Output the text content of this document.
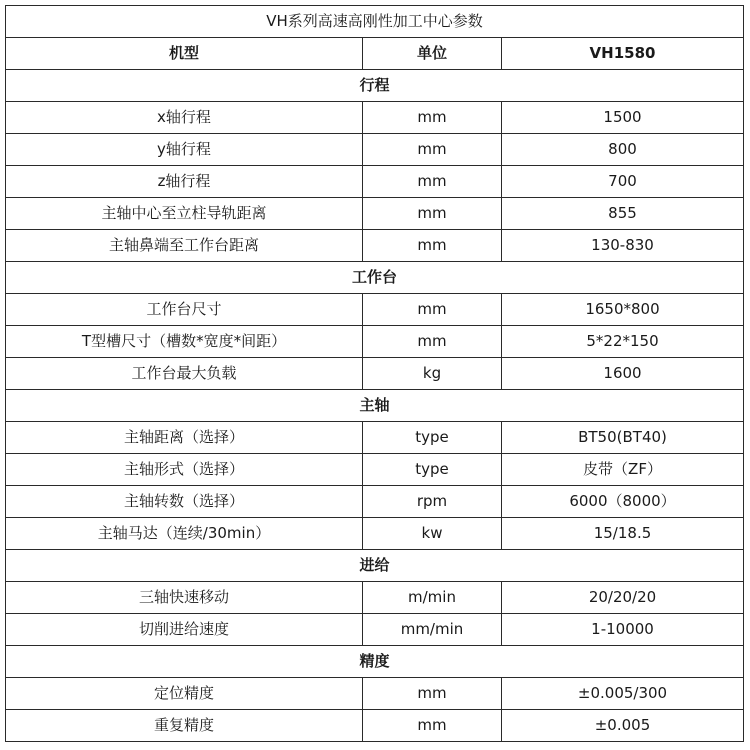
VH系列高速高刚性加工中心参数		
机型	单位	VH1580
行程		
x轴行程	mm	1500
y轴行程	mm	800
z轴行程	mm	700
主轴中心至立柱导轨距离	mm	855
主轴鼻端至工作台距离	mm	130-830
工作台		
工作台尺寸	mm	1650*800
T型槽尺寸（槽数*宽度*间距）	mm	5*22*150
工作台最大负载	kg	1600
主轴		
主轴距离（选择）	type	BT50(BT40)
主轴形式（选择）	type	皮带（ZF）
主轴转数（选择）	rpm	6000（8000）
主轴马达（连续/30min）	kw	15/18.5
进给		
三轴快速移动	m/min	20/20/20
切削进给速度	mm/min	1-10000
精度		
定位精度	mm	±0.005/300
重复精度	mm	±0.005
